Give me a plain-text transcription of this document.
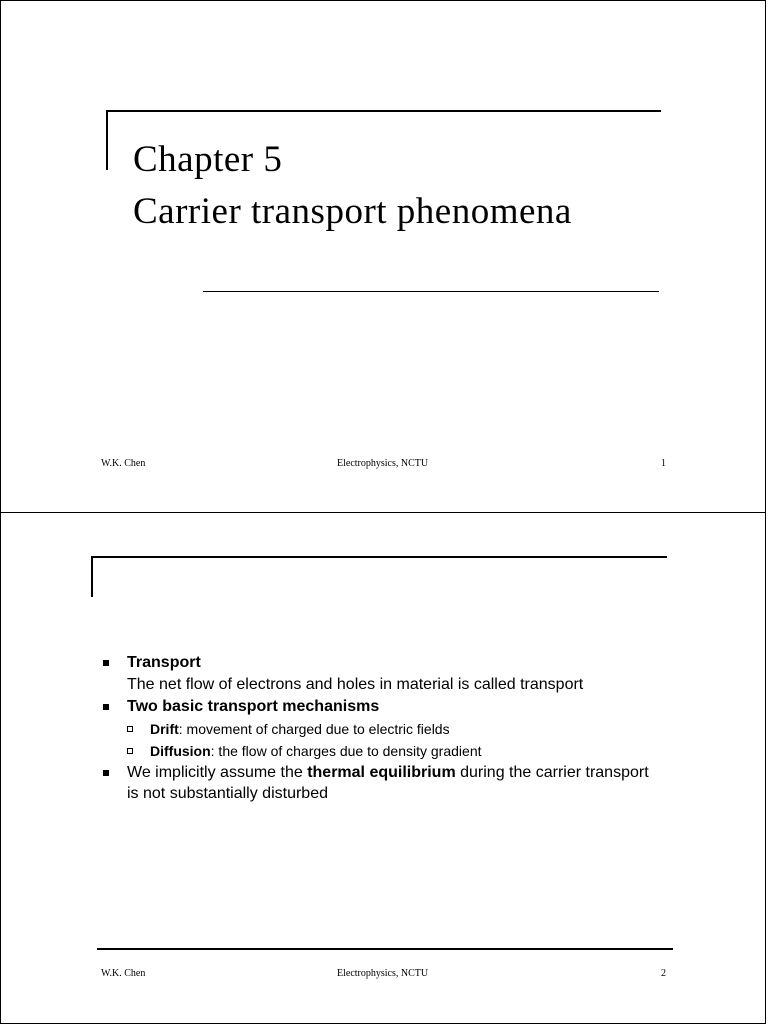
Chapter 5
Carrier transport phenomena
W.K. Chen	Electrophysics, NCTU	1
Transport
The net flow of electrons and holes in material is called transport
Two basic transport mechanisms
Drift: movement of charged due to electric fields
Diffusion: the flow of charges due to density gradient
We implicitly assume the thermal equilibrium during the carrier transport is not substantially disturbed
W.K. Chen	Electrophysics, NCTU	2
